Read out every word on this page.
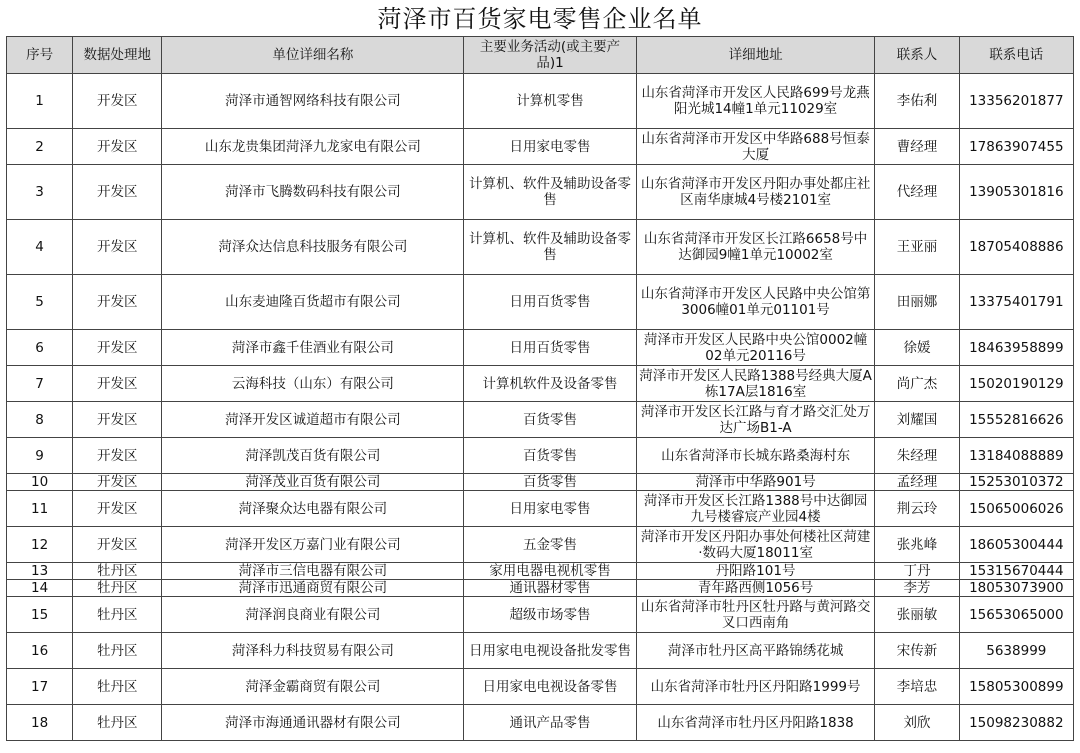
菏泽市百货家电零售企业名单
序号	数据处理地	单位详细名称	主要业务活动(或主要产品)1	详细地址	联系人	联系电话
1	开发区	菏泽市通智网络科技有限公司	计算机零售	山东省菏泽市开发区人民路699号龙燕阳光城14幢1单元11029室	李佑利	13356201877
2	开发区	山东龙贵集团菏泽九龙家电有限公司	日用家电零售	山东省菏泽市开发区中华路688号恒泰大厦	曹经理	17863907455
3	开发区	菏泽市飞腾数码科技有限公司	计算机、软件及辅助设备零售	山东省菏泽市开发区丹阳办事处都庄社区南华康城4号楼2101室	代经理	13905301816
4	开发区	菏泽众达信息科技服务有限公司	计算机、软件及辅助设备零售	山东省菏泽市开发区长江路6658号中达御园9幢1单元10002室	王亚丽	18705408886
5	开发区	山东麦迪隆百货超市有限公司	日用百货零售	山东省菏泽市开发区人民路中央公馆第3006幢01单元01101号	田丽娜	13375401791
6	开发区	菏泽市鑫千佳酒业有限公司	日用百货零售	菏泽市开发区人民路中央公馆0002幢02单元20116号	徐媛	18463958899
7	开发区	云海科技（山东）有限公司	计算机软件及设备零售	菏泽市开发区人民路1388号经典大厦A栋17A层1816室	尚广杰	15020190129
8	开发区	菏泽开发区诚道超市有限公司	百货零售	菏泽市开发区长江路与育才路交汇处万达广场B1-A	刘耀国	15552816626
9	开发区	菏泽凯茂百货有限公司	百货零售	山东省菏泽市长城东路桑海村东	朱经理	13184088889
10	开发区	菏泽茂业百货有限公司	百货零售	菏泽市中华路901号	孟经理	15253010372
11	开发区	菏泽聚众达电器有限公司	日用家电零售	菏泽市开发区长江路1388号中达御园九号楼睿宸产业园4楼	荆云玲	15065006026
12	开发区	菏泽开发区万嘉门业有限公司	五金零售	菏泽市开发区丹阳办事处何楼社区菏建·数码大厦18011室	张兆峰	18605300444
13	牡丹区	菏泽市三信电器有限公司	家用电器电视机零售	丹阳路101号	丁丹	15315670444
14	牡丹区	菏泽市迅通商贸有限公司	通讯器材零售	青年路西侧1056号	李芳	18053073900
15	牡丹区	菏泽润良商业有限公司	超级市场零售	山东省菏泽市牡丹区牡丹路与黄河路交叉口西南角	张丽敏	15653065000
16	牡丹区	菏泽科力科技贸易有限公司	日用家电电视设备批发零售	菏泽市牡丹区高平路锦绣花城	宋传新	5638999
17	牡丹区	菏泽金霸商贸有限公司	日用家电电视设备零售	山东省菏泽市牡丹区丹阳路1999号	李培忠	15805300899
18	牡丹区	菏泽市海通通讯器材有限公司	通讯产品零售	山东省菏泽市牡丹区丹阳路1838	刘欣	15098230882
